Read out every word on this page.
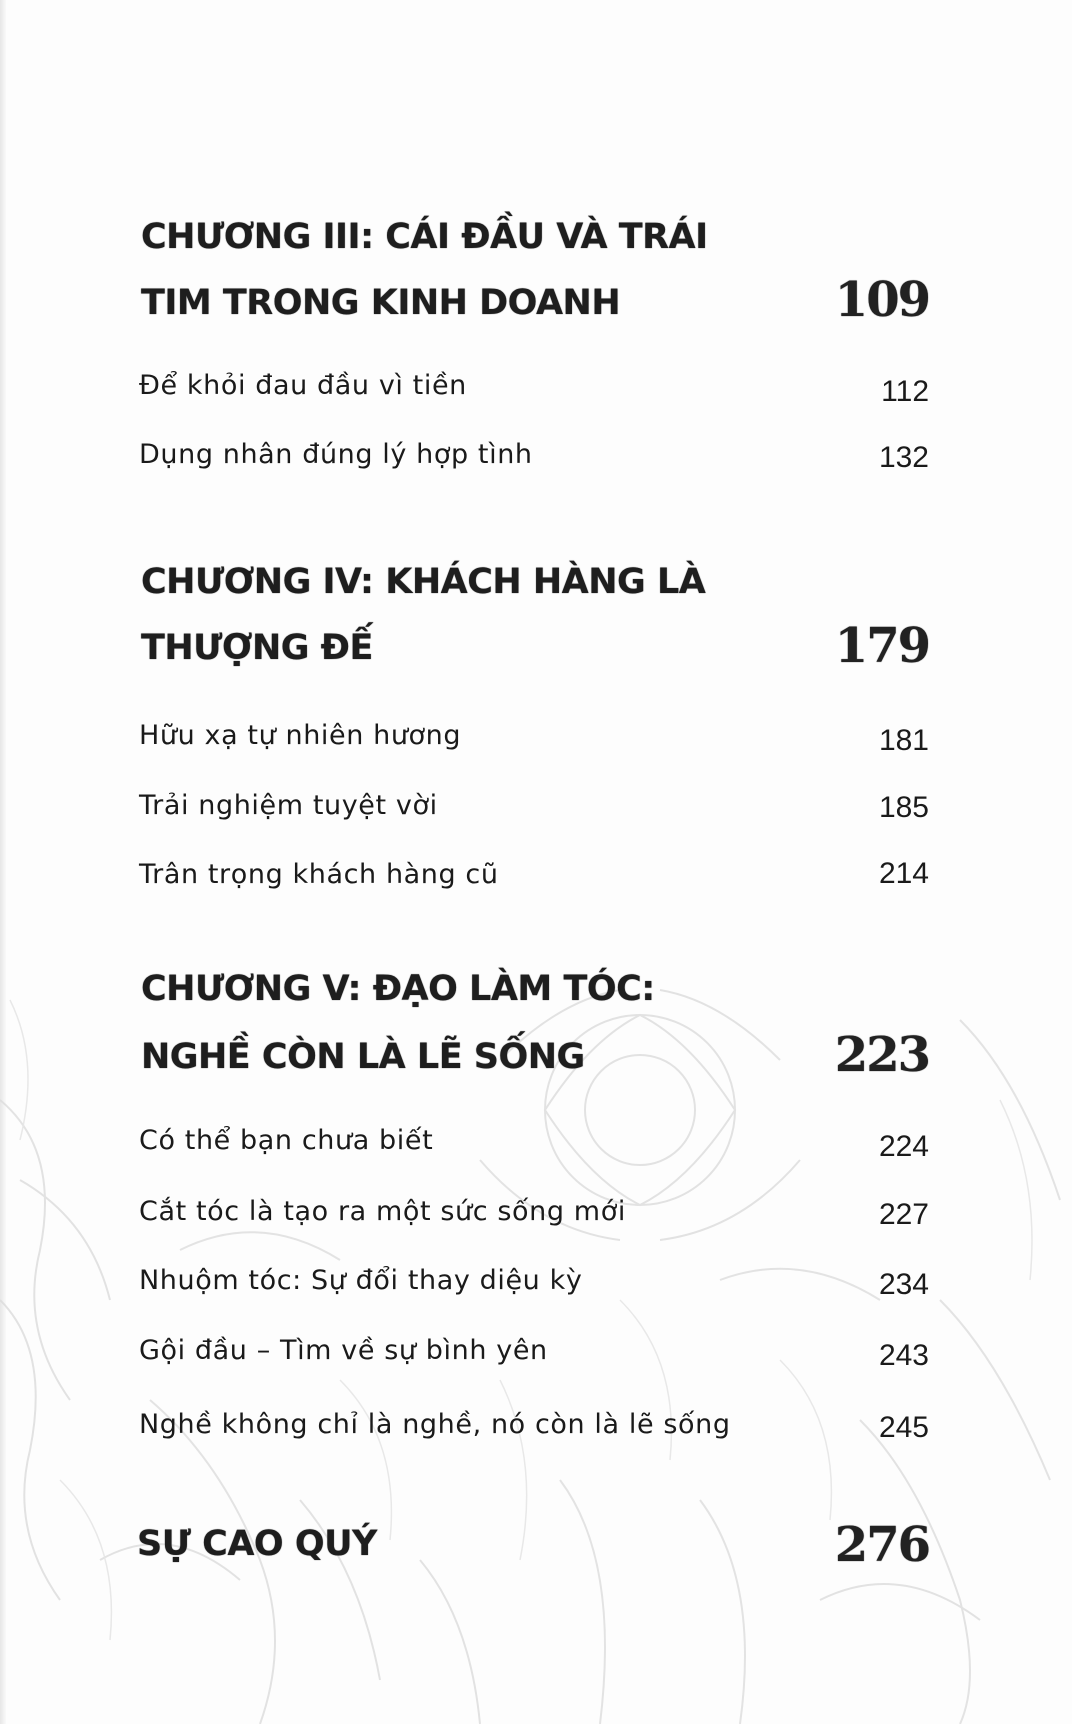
CHƯƠNG III: CÁI ĐẦU VÀ TRÁI
TIM TRONG KINH DOANH	109
Để khỏi đau đầu vì tiền	112
Dụng nhân đúng lý hợp tình	132
CHƯƠNG IV: KHÁCH HÀNG LÀ
THƯỢNG ĐẾ	179
Hữu xạ tự nhiên hương	181
Trải nghiệm tuyệt vời	185
Trân trọng khách hàng cũ	214
CHƯƠNG V: ĐẠO LÀM TÓC:
NGHỀ CÒN LÀ LẼ SỐNG	223
Có thể bạn chưa biết	224
Cắt tóc là tạo ra một sức sống mới	227
Nhuộm tóc: Sự đổi thay diệu kỳ	234
Gội đầu – Tìm về sự bình yên	243
Nghề không chỉ là nghề, nó còn là lẽ sống	245
SỰ CAO QUÝ	276
